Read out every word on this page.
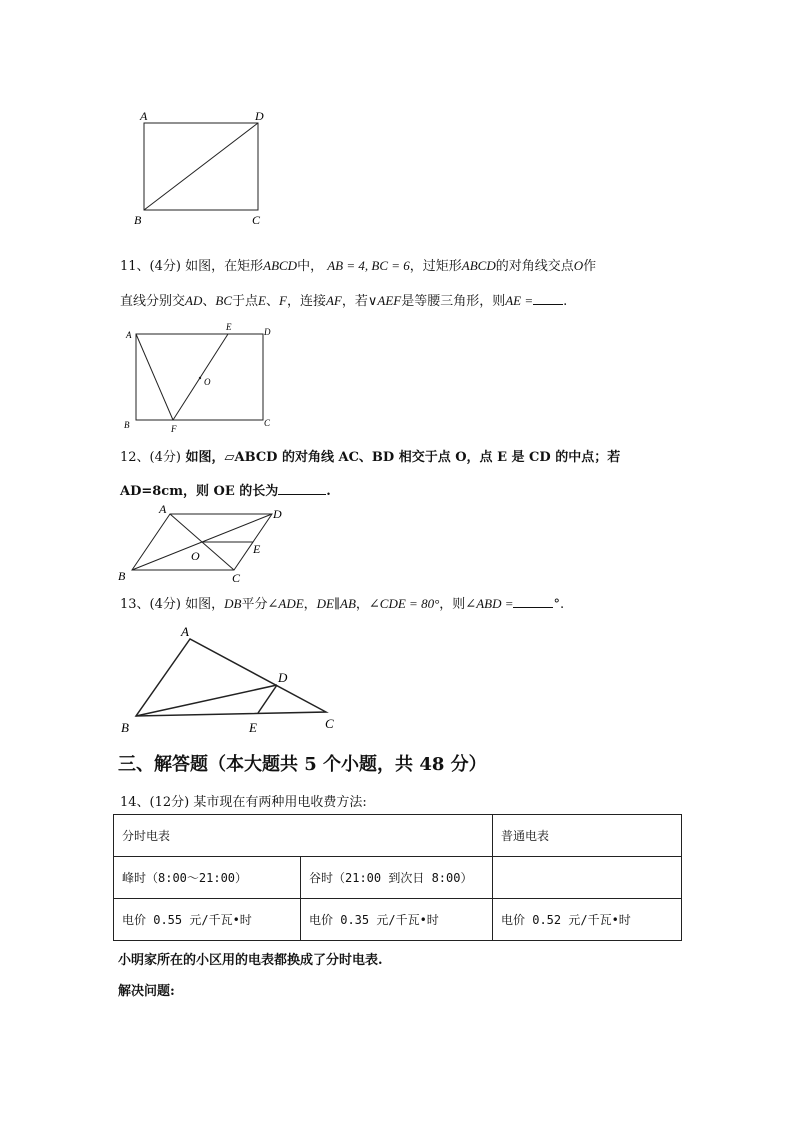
A	D
B	C
11、(4分) 如图，在矩形ABCD中， AB = 4, BC = 6，过矩形ABCD的对角线交点O作
直线分别交AD、BC于点E、F，连接AF，若∨AEF是等腰三角形，则AE = .
A
E	D
O
B	F
C
12、(4分) 如图，▱ABCD 的对角线 AC、BD 相交于点 O，点 E 是 CD 的中点；若
AD=8cm，则 OE 的长为	.
A	D
O	E
B	C
13、(4分) 如图，DB平分∠ADE，DE∥AB，∠CDE = 80°，则∠ABD =	°.
A
D
B	E	C
三、解答题（本大题共 5 个小题，共 48 分）
14、(12分) 某市现在有两种用电收费方法:
分时电表		普通电表
峰时（8:00～21:00）	谷时（21:00 到次日 8:00）	
电价 0.55 元/千瓦•时	电价 0.35 元/千瓦•时	电价 0.52 元/千瓦•时
小明家所在的小区用的电表都换成了分时电表.
解决问题:
